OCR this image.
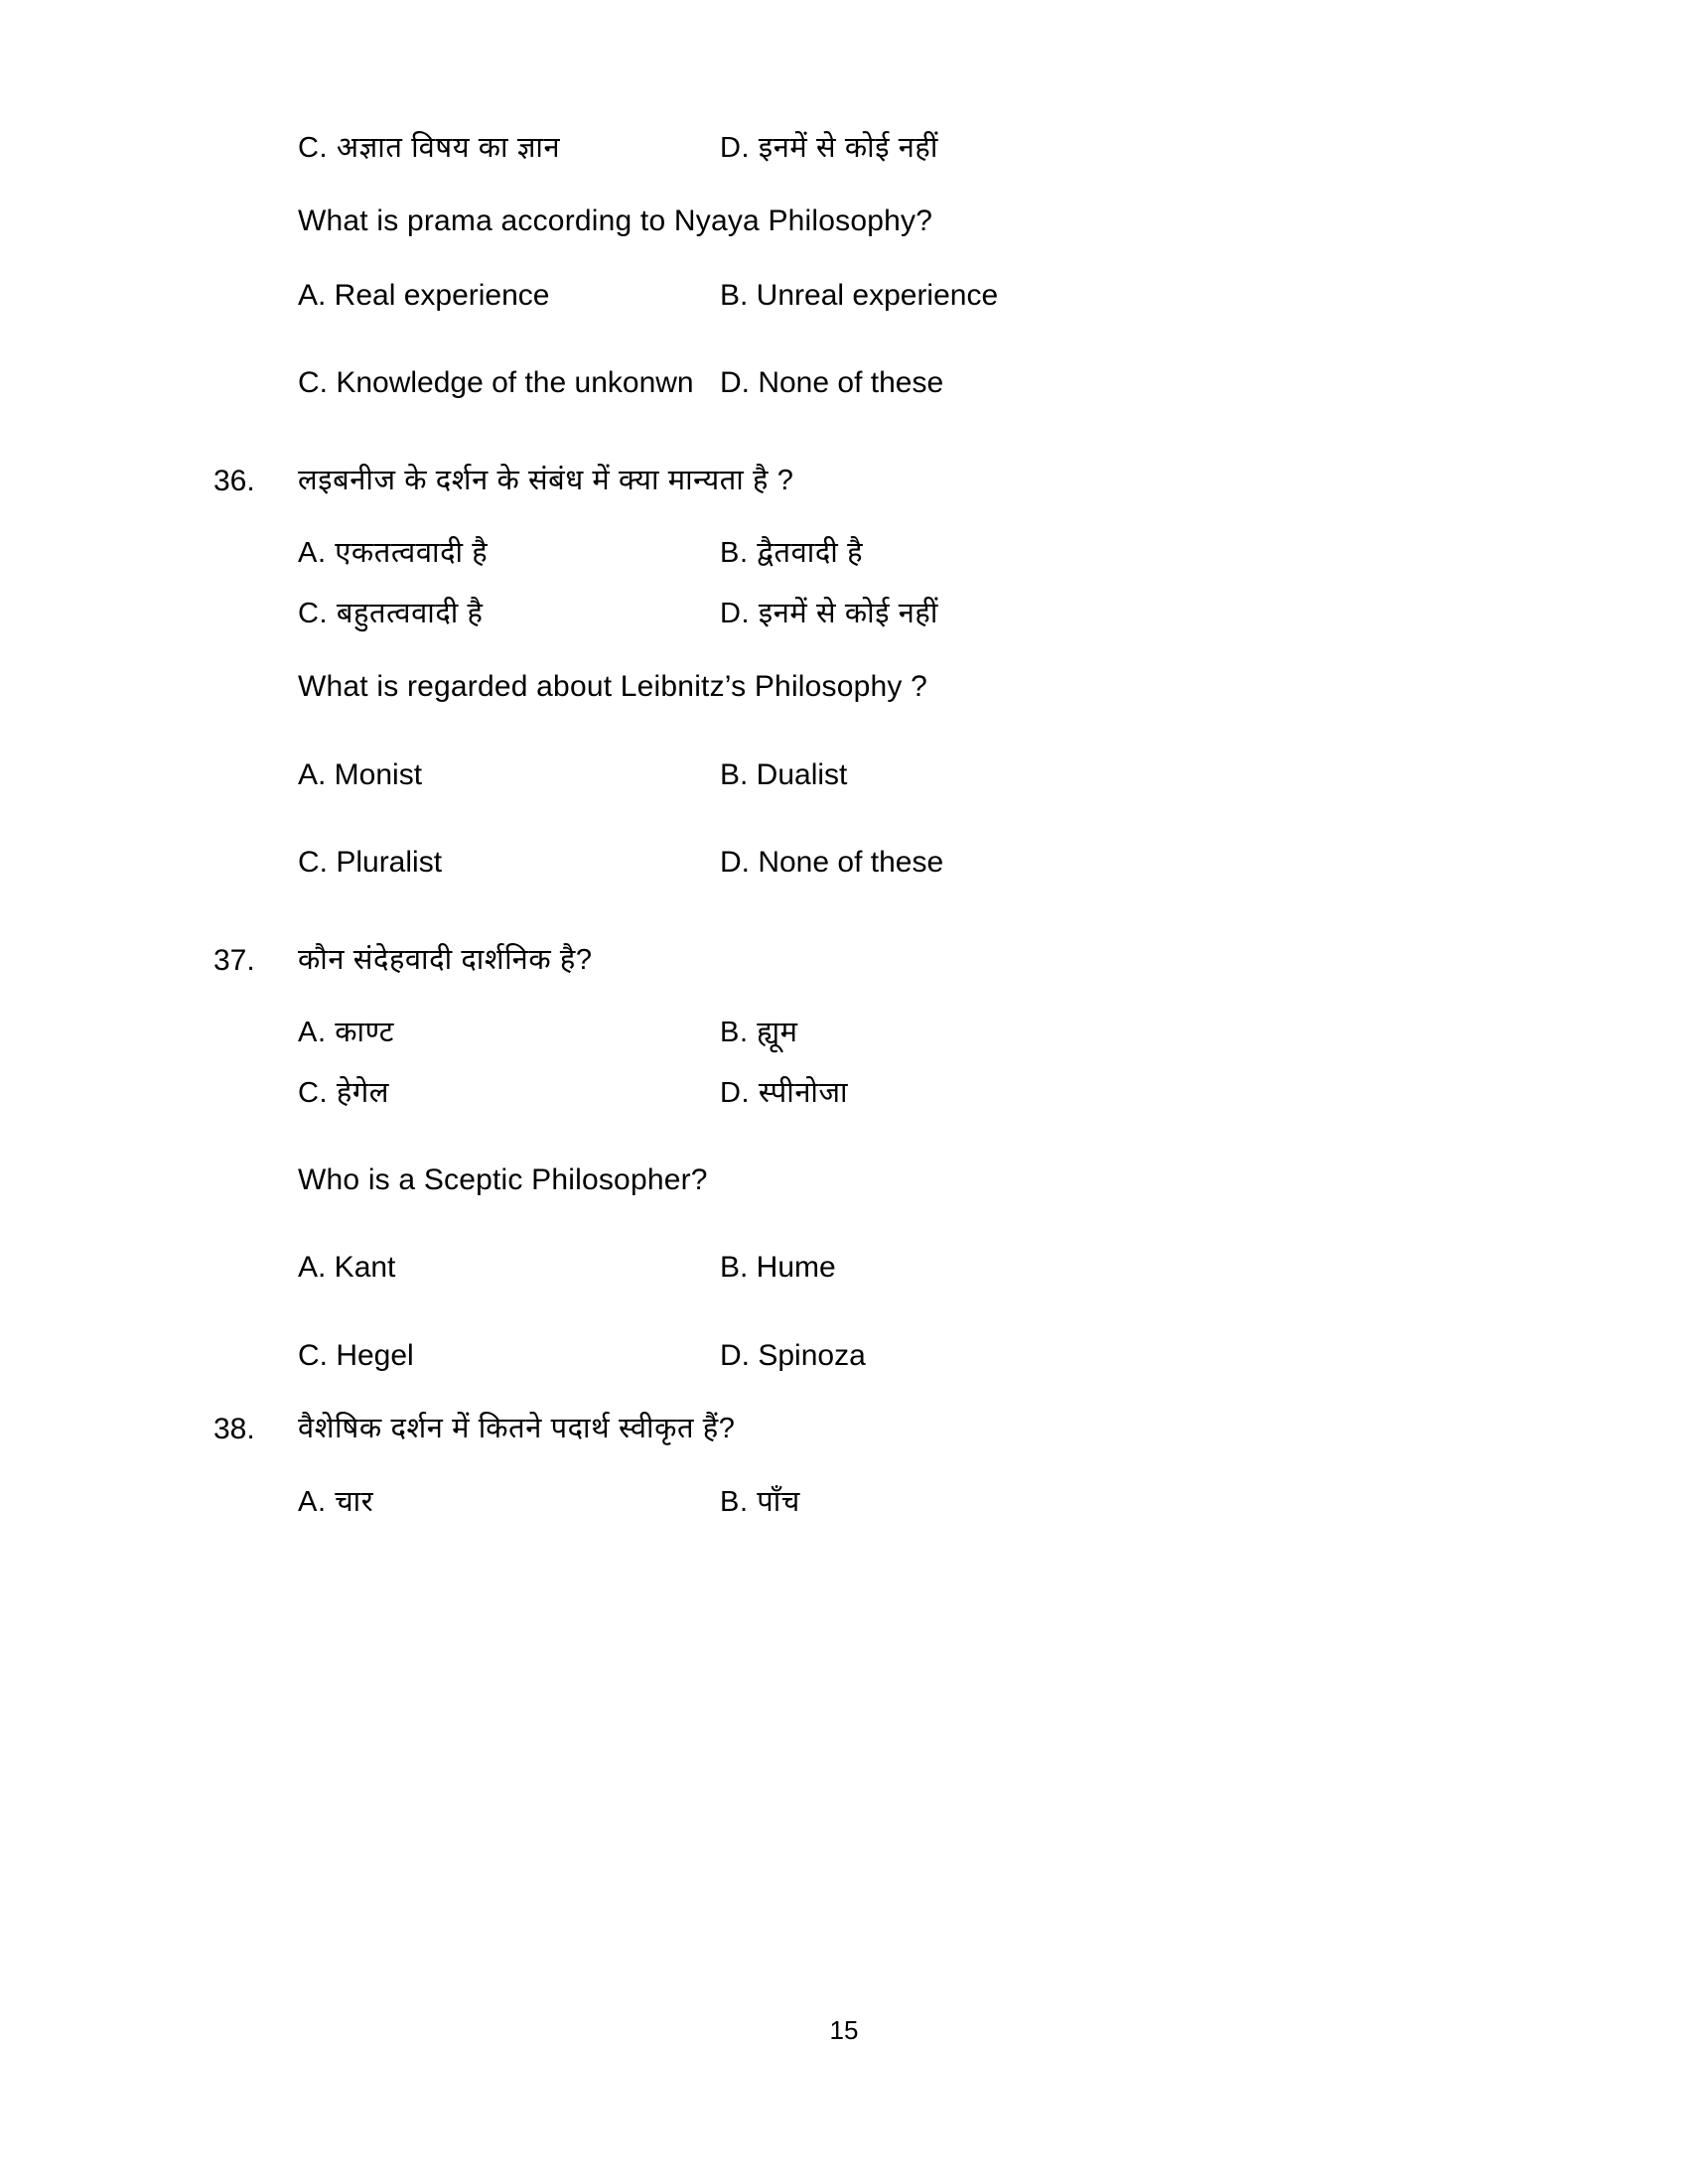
C. अज्ञात विषय का ज्ञान	D. इनमें से कोई नहीं
What is prama according to Nyaya Philosophy?
A. Real experience	B. Unreal experience
C. Knowledge of the unkonwn D. None of these
36.	लइबनीज के दर्शन के संबंध में क्या मान्यता है ?
A. एकतत्ववादी है	B. द्वैतवादी है
C. बहुतत्ववादी है	D. इनमें से कोई नहीं
What is regarded about Leibnitz’s Philosophy ?
A. Monist	B. Dualist
C. Pluralist	D. None of these
37.	कौन संदेहवादी दार्शनिक है?
A. काण्ट	B. ह्यूम
C. हेगेल	D. स्पीनोजा
Who is a Sceptic Philosopher?
A. Kant	B. Hume
C. Hegel	D. Spinoza
38.	वैशेषिक दर्शन में कितने पदार्थ स्वीकृत हैं?
A. चार	B. पाँच
15
